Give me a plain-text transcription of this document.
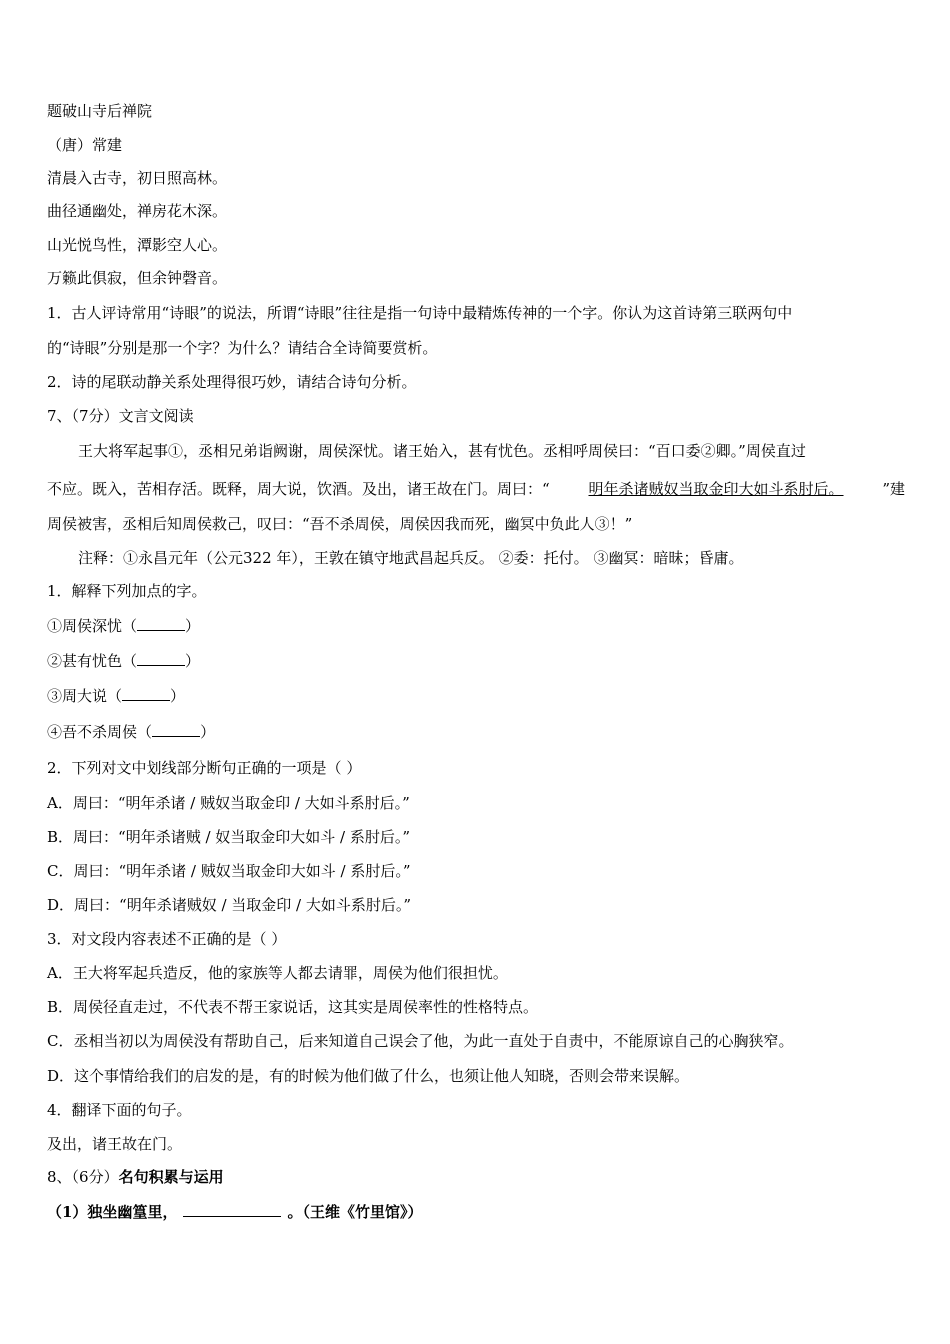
题破山寺后禅院
（唐）常建
清晨入古寺，初日照高林。
曲径通幽处，禅房花木深。
山光悦鸟性，潭影空人心。
万籁此俱寂，但余钟磬音。
1．古人评诗常用“诗眼”的说法，所谓“诗眼”往往是指一句诗中最精炼传神的一个字。你认为这首诗第三联两句中
的“诗眼”分别是那一个字？为什么？请结合全诗简要赏析。
2．诗的尾联动静关系处理得很巧妙，请结合诗句分析。
7、（7分）文言文阅读
王大将军起事①，丞相兄弟诣阙谢，周侯深忧。诸王始入，甚有忧色。丞相呼周侯曰：“百口委②卿。”周侯直过
不应。既入，苦相存活。既释，周大说，饮酒。及出，诸王故在门。周曰：“	明年杀诸贼奴当取金印大如斗系肘后。	”建
周侯被害，丞相后知周侯救己，叹曰：“吾不杀周侯，周侯因我而死，幽冥中负此人③！”
注释：①永昌元年（公元322 年），王敦在镇守地武昌起兵反。 ②委：托付。 ③幽冥：暗昧；昏庸。
1．解释下列加点的字。
①周侯深忧（	）
②甚有忧色（	）
③周大说（	）
④吾不杀周侯（	）
2．下列对文中划线部分断句正确的一项是（ ）
A．周曰：“明年杀诸 / 贼奴当取金印 / 大如斗系肘后。”
B．周曰：“明年杀诸贼 / 奴当取金印大如斗 / 系肘后。”
C．周曰：“明年杀诸 / 贼奴当取金印大如斗 / 系肘后。”
D．周曰：“明年杀诸贼奴 / 当取金印 / 大如斗系肘后。”
3．对文段内容表述不正确的是（ ）
A．王大将军起兵造反，他的家族等人都去请罪，周侯为他们很担忧。
B．周侯径直走过，不代表不帮王家说话，这其实是周侯率性的性格特点。
C．丞相当初以为周侯没有帮助自己，后来知道自己误会了他，为此一直处于自责中，不能原谅自己的心胸狭窄。
D．这个事情给我们的启发的是，有的时候为他们做了什么，也须让他人知晓，否则会带来误解。
4．翻译下面的句子。
及出，诸王故在门。
8、（6分）名句积累与运用
（1）独坐幽篁里，	。（王维《竹里馆》）
